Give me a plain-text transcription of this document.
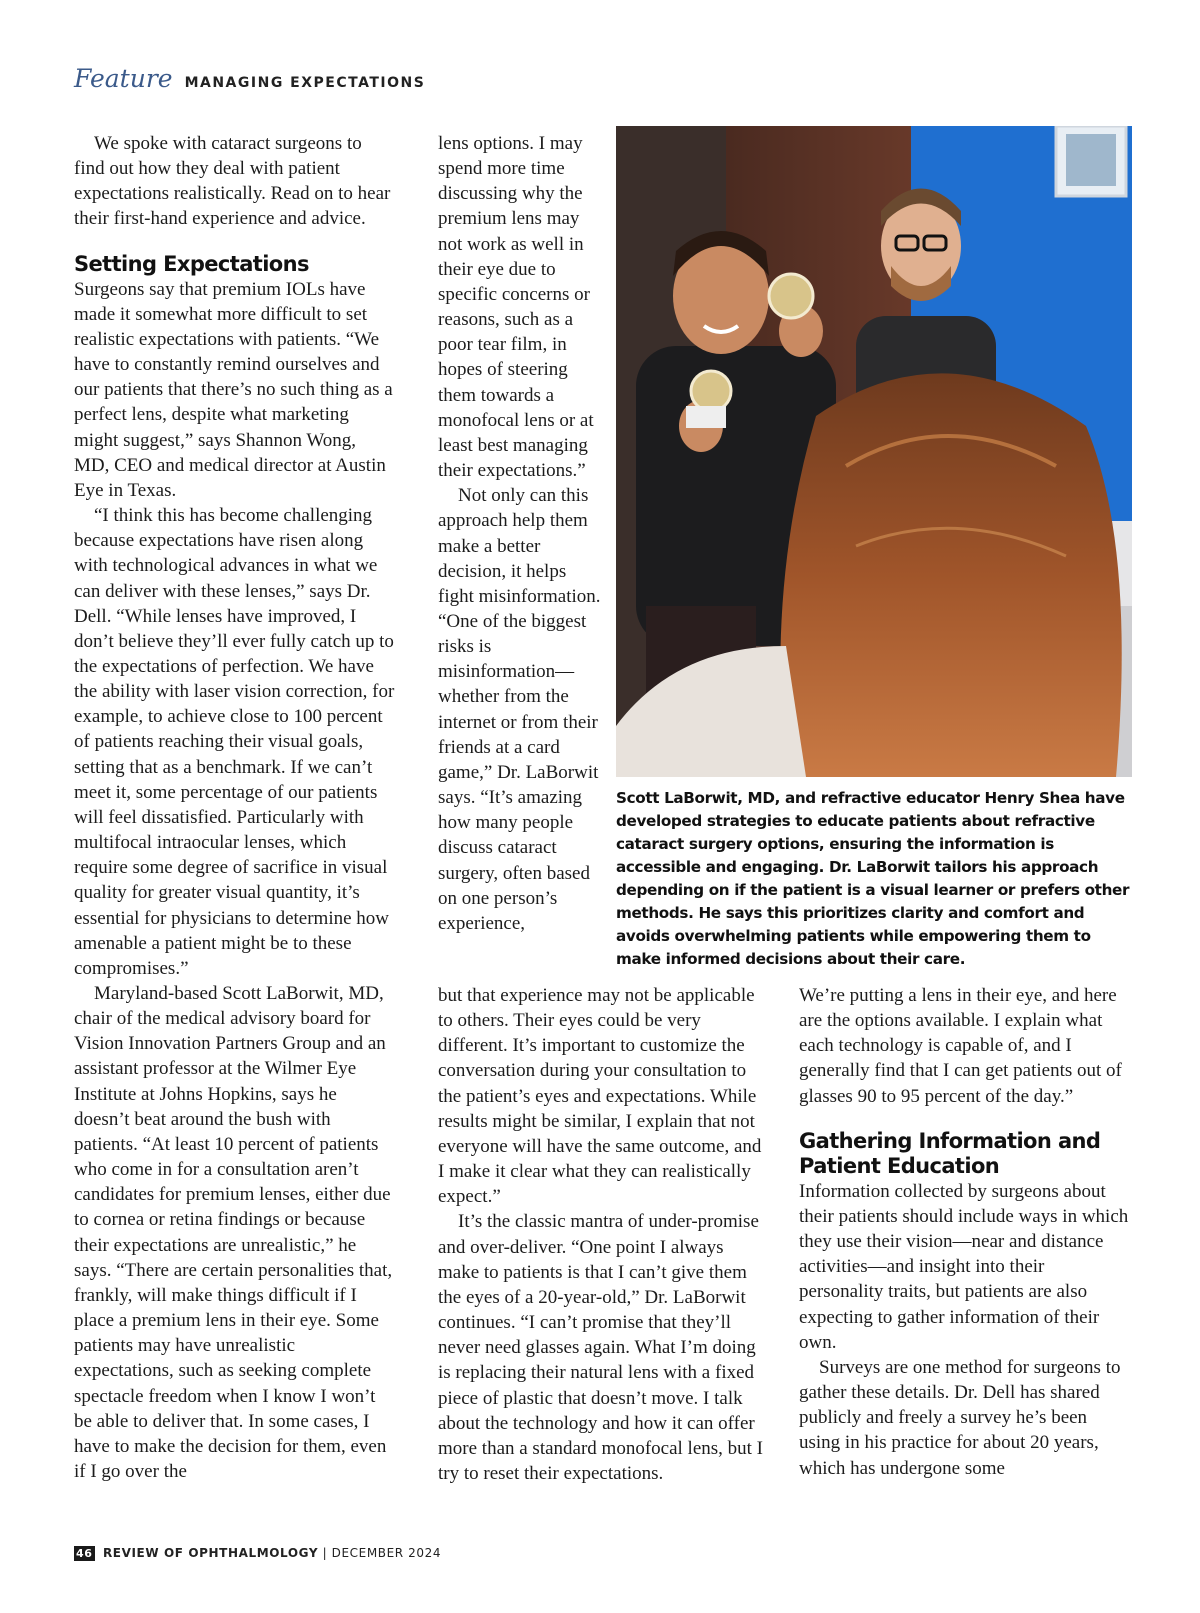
Feature MANAGING EXPECTATIONS

We spoke with cataract surgeons to find out how they deal with patient expectations realistically. Read on to hear their first-hand experience and advice.

Setting Expectations

Surgeons say that premium IOLs have made it somewhat more difficult to set realistic expectations with patients. “We have to constantly remind ourselves and our patients that there’s no such thing as a perfect lens, despite what marketing might suggest,” says Shannon Wong, MD, CEO and medical director at Austin Eye in Texas.

“I think this has become challenging because expectations have risen along with technological advances in what we can deliver with these lenses,” says Dr. Dell. “While lenses have improved, I don’t believe they’ll ever fully catch up to the expectations of perfection. We have the ability with laser vision correction, for example, to achieve close to 100 percent of patients reaching their visual goals, setting that as a benchmark. If we can’t meet it, some percentage of our patients will feel dissatisfied. Particularly with multifocal intraocular lenses, which require some degree of sacrifice in visual quality for greater visual quantity, it’s essential for physicians to determine how amenable a patient might be to these compromises.”

Maryland-based Scott LaBorwit, MD, chair of the medical advisory board for Vision Innovation Partners Group and an assistant professor at the Wilmer Eye Institute at Johns Hopkins, says he doesn’t beat around the bush with patients. “At least 10 percent of patients who come in for a consultation aren’t candidates for premium lenses, either due to cornea or retina findings or because their expectations are unrealistic,” he says. “There are certain personalities that, frankly, will make things difficult if I place a premium lens in their eye. Some patients may have unrealistic expectations, such as seeking complete spectacle freedom when I know I won’t be able to deliver that. In some cases, I have to make the decision for them, even if I go over the

lens options. I may spend more time discussing why the premium lens may not work as well in their eye due to specific concerns or reasons, such as a poor tear film, in hopes of steering them towards a monofocal lens or at least best managing their expectations.”

Not only can this approach help them make a better decision, it helps fight misinformation. “One of the biggest risks is misinformation—whether from the internet or from their friends at a card game,” Dr. LaBorwit says. “It’s amazing how many people discuss cataract surgery, often based on one person’s experience,

but that experience may not be applicable to others. Their eyes could be very different. It’s important to customize the conversation during your consultation to the patient’s eyes and expectations. While results might be similar, I explain that not everyone will have the same outcome, and I make it clear what they can realistically expect.”

It’s the classic mantra of under-promise and over-deliver. “One point I always make to patients is that I can’t give them the eyes of a 20-year-old,” Dr. LaBorwit continues. “I can’t promise that they’ll never need glasses again. What I’m doing is replacing their natural lens with a fixed piece of plastic that doesn’t move. I talk about the technology and how it can offer more than a standard monofocal lens, but I try to reset their expectations.

We’re putting a lens in their eye, and here are the options available. I explain what each technology is capable of, and I generally find that I can get patients out of glasses 90 to 95 percent of the day.”

Gathering Information and Patient Education

Information collected by surgeons about their patients should include ways in which they use their vision—near and distance activities—and insight into their personality traits, but patients are also expecting to gather information of their own.

Surveys are one method for surgeons to gather these details. Dr. Dell has shared publicly and freely a survey he’s been using in his practice for about 20 years, which has undergone some

Scott LaBorwit, MD, and refractive educator Henry Shea have developed strategies to educate patients about refractive cataract surgery options, ensuring the information is accessible and engaging. Dr. LaBorwit tailors his approach depending on if the patient is a visual learner or prefers other methods. He says this prioritizes clarity and comfort and avoids overwhelming patients while empowering them to make informed decisions about their care.
46 REVIEW OF OPHTHALMOLOGY | DECEMBER 2024
